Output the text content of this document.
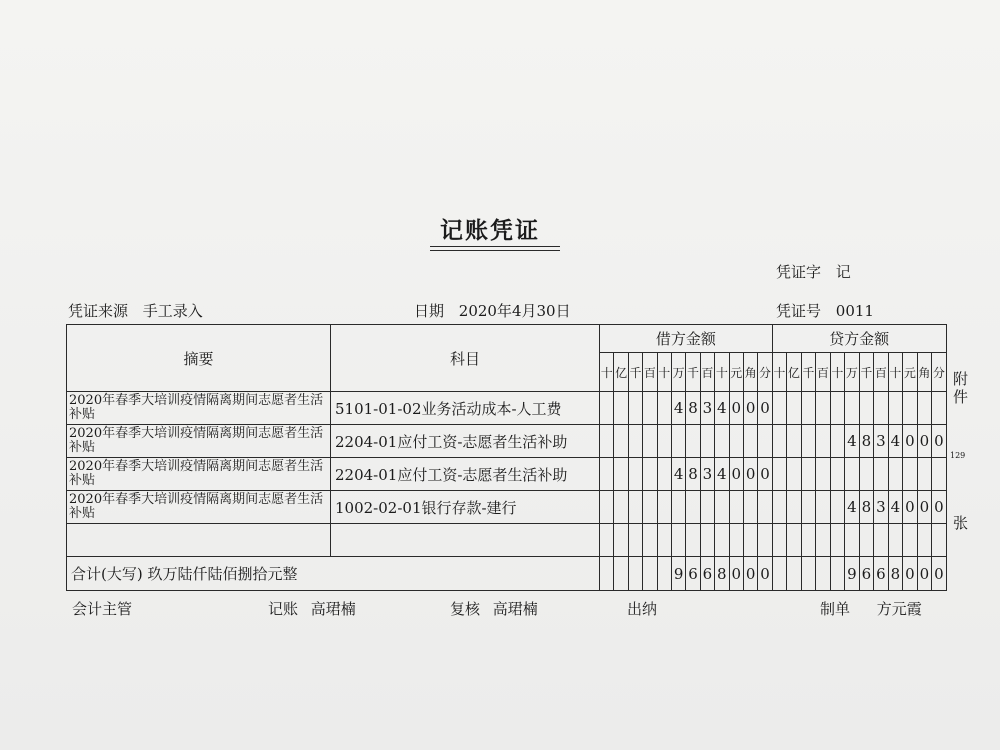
记账凭证
凭证字 记
凭证来源 手工录入	日期 2020年4月30日	凭证号 0011
摘要	科目	借方金额												贷方金额											
		十	亿	千	百	十	万	千	百	十	元	角	分	十	亿	千	百	十	万	千	百	十	元	角	分
2020年春季大培训疫情隔离期间志愿者生活补贴	5101-01-02业务活动成本-人工费						4	8	3	4	0	0	0												
2020年春季大培训疫情隔离期间志愿者生活补贴	2204-01应付工资-志愿者生活补助																		4	8	3	4	0	0	0
2020年春季大培训疫情隔离期间志愿者生活补贴	2204-01应付工资-志愿者生活补助						4	8	3	4	0	0	0												
2020年春季大培训疫情隔离期间志愿者生活补贴	1002-02-01银行存款-建行																		4	8	3	4	0	0	0

合计(大写) 玖万陆仟陆佰捌拾元整							9	6	6	8	0	0	0						9	6	6	8	0	0	0
附件
129
张
会计主管	记账 高珺楠	复核 高珺楠	出纳	制单 方元霞
